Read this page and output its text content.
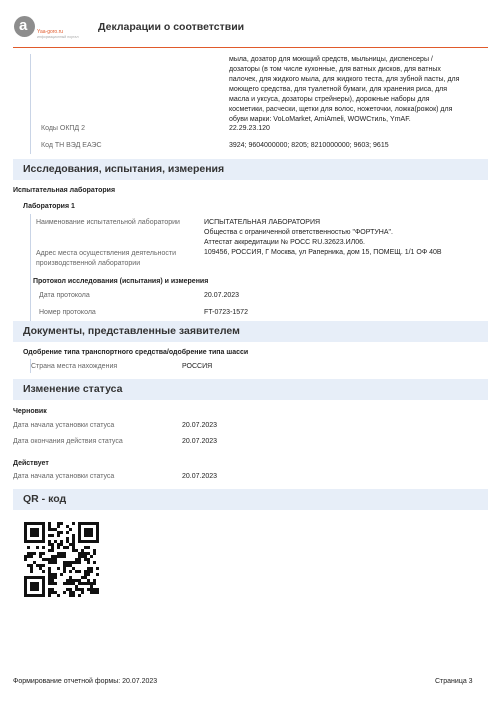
a Yaa-goro.ru
информационный портал
Декларации о соответствии
мыла, дозатор для моющий средств, мыльницы, диспенсеры /
дозаторы (в том числе кухонные, для ватных дисков, для ватных
палочек, для жидкого мыла, для жидкого теста, для зубной пасты, для
моющего средства, для туалетной бумаги, для хранения риса, для
масла и уксуса, дозаторы стрейнеры), дорожные наборы для
косметики, расчески, щетки для волос, ножеточки, ложка(рожок) для
обуви марки: VoLoMarket, AmiAmeli, WOWСтиль, YmAF.
Коды ОКПД 2	22.29.23.120
Код ТН ВЭД ЕАЭС	3924; 9604000000; 8205; 8210000000; 9603; 9615
Исследования, испытания, измерения
Испытательная лаборатория
Лаборатория 1
Наименование испытательной лаборатории	ИСПЫТАТЕЛЬНАЯ ЛАБОРАТОРИЯ
Общества с ограниченной ответственностью "ФОРТУНА".
Аттестат аккредитации № РОСС RU.32623.ИЛ06.
Адрес места осуществления деятельности
производственной лаборатории
109456, РОССИЯ, Г Москва, ул Раперника, дом 15, ПОМЕЩ. 1/1 ОФ 40В
Протокол исследования (испытания) и измерения
Дата протокола	20.07.2023
Номер протокола	FT-0723-1572
Документы, представленные заявителем
Одобрение типа транспортного средства/одобрение типа шасси
Страна места нахождения	РОССИЯ
Изменение статуса
Черновик
Дата начала установки статуса	20.07.2023
Дата окончания действия статуса	20.07.2023
Действует
Дата начала установки статуса	20.07.2023
QR - код
Формирование отчетной формы: 20.07.2023	Страница 3
